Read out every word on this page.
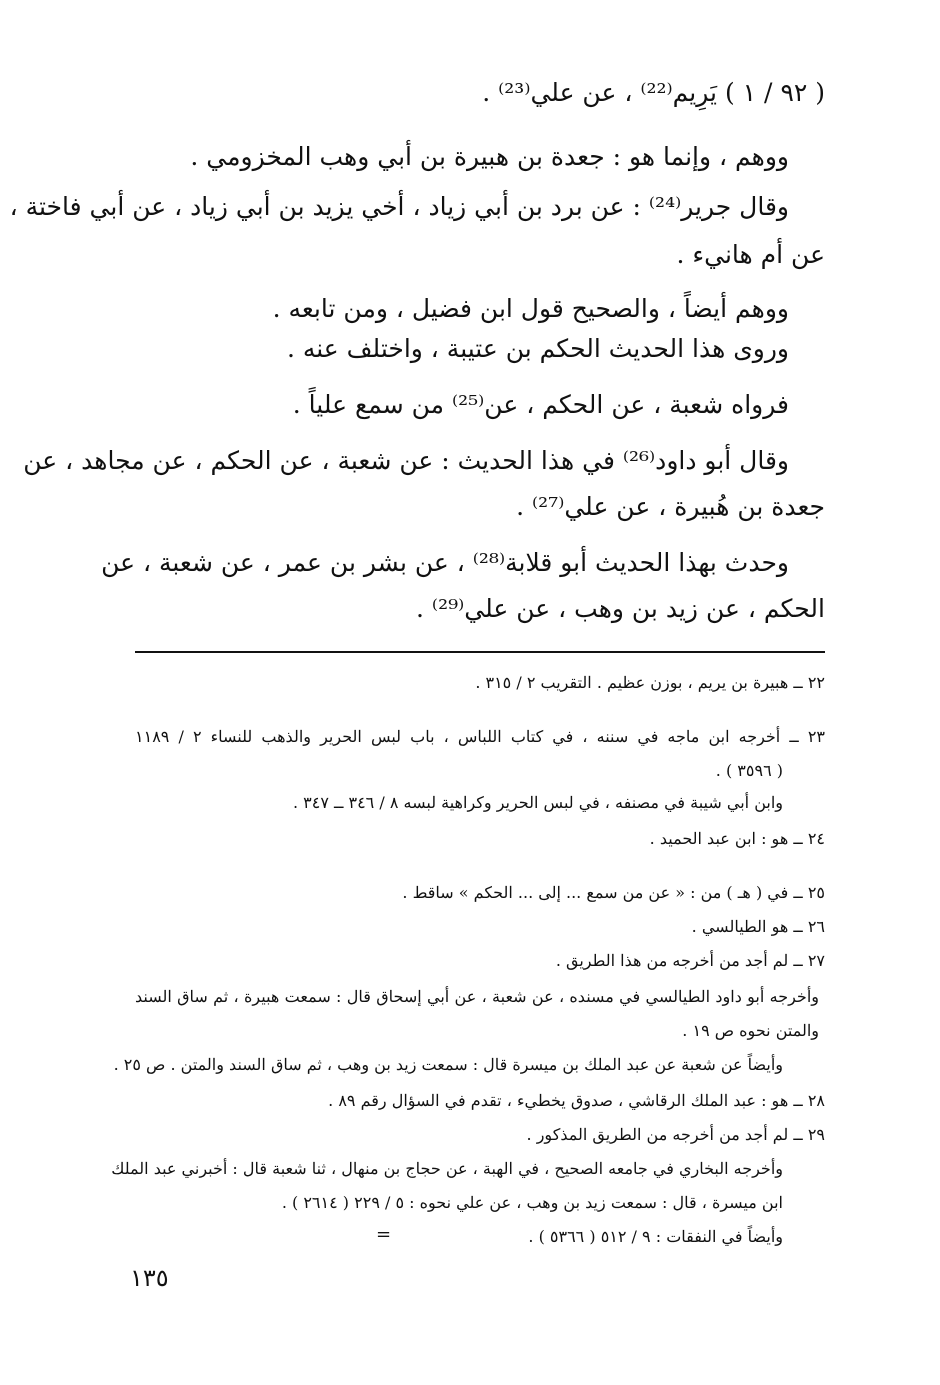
( ٩٢ / ١ ) يَرِيم⁽²²⁾ ، عن علي⁽²³⁾ .
ووهم ، وإنما هو : جعدة بن هبيرة بن أبي وهب المخزومي .
وقال جرير⁽²⁴⁾ : عن برد بن أبي زياد ، أخي يزيد بن أبي زياد ، عن أبي فاختة ،
عن أم هانيء .
ووهم أيضاً ، والصحيح قول ابن فضيل ، ومن تابعه .
وروى هذا الحديث الحكم بن عتيبة ، واختلف عنه .
فرواه شعبة ، عن الحكم ، عن⁽²⁵⁾ من سمع علياً .
وقال أبو داود⁽²⁶⁾ في هذا الحديث : عن شعبة ، عن الحكم ، عن مجاهد ، عن
جعدة بن هُبيرة ، عن علي⁽²⁷⁾ .
وحدث بهذا الحديث أبو قلابة⁽²⁸⁾ ، عن بشر بن عمر ، عن شعبة ، عن
الحكم ، عن زيد بن وهب ، عن علي⁽²⁹⁾ .
٢٢ ــ هبيرة بن يريم ، بوزن عظيم . التقريب ٢ / ٣١٥ .
٢٣ ــ أخرجه ابن ماجه في سننه ، في كتاب اللباس ، باب لبس الحرير والذهب للنساء ٢ / ١١٨٩
( ٣٥٩٦ ) .
وابن أبي شيبة في مصنفه ، في لبس الحرير وكراهية لبسه ٨ / ٣٤٦ ــ ٣٤٧ .
٢٤ ــ هو : ابن عبد الحميد .
٢٥ ــ في ( هـ ) من : « عن من سمع ... إلى ... الحكم » ساقط .
٢٦ ــ هو الطيالسي .
٢٧ ــ لم أجد من أخرجه من هذا الطريق .
وأخرجه أبو داود الطيالسي في مسنده ، عن شعبة ، عن أبي إسحاق قال : سمعت هبيرة ، ثم ساق السند
والمتن نحوه ص ١٩ .
وأيضاً عن شعبة عن عبد الملك بن ميسرة قال : سمعت زيد بن وهب ، ثم ساق السند والمتن . ص ٢٥ .
٢٨ ــ هو : عبد الملك الرقاشي ، صدوق يخطيء ، تقدم في السؤال رقم ٨٩ .
٢٩ ــ لم أجد من أخرجه من الطريق المذكور .
وأخرجه البخاري في جامعه الصحيح ، في الهبة ، عن حجاج بن منهال ، ثنا شعبة قال : أخبرني عبد الملك
ابن ميسرة ، قال : سمعت زيد بن وهب ، عن علي نحوه : ٥ / ٢٢٩ ( ٢٦١٤ ) .
وأيضاً في النفقات : ٩ / ٥١٢ ( ٥٣٦٦ ) .
=
١٣٥
